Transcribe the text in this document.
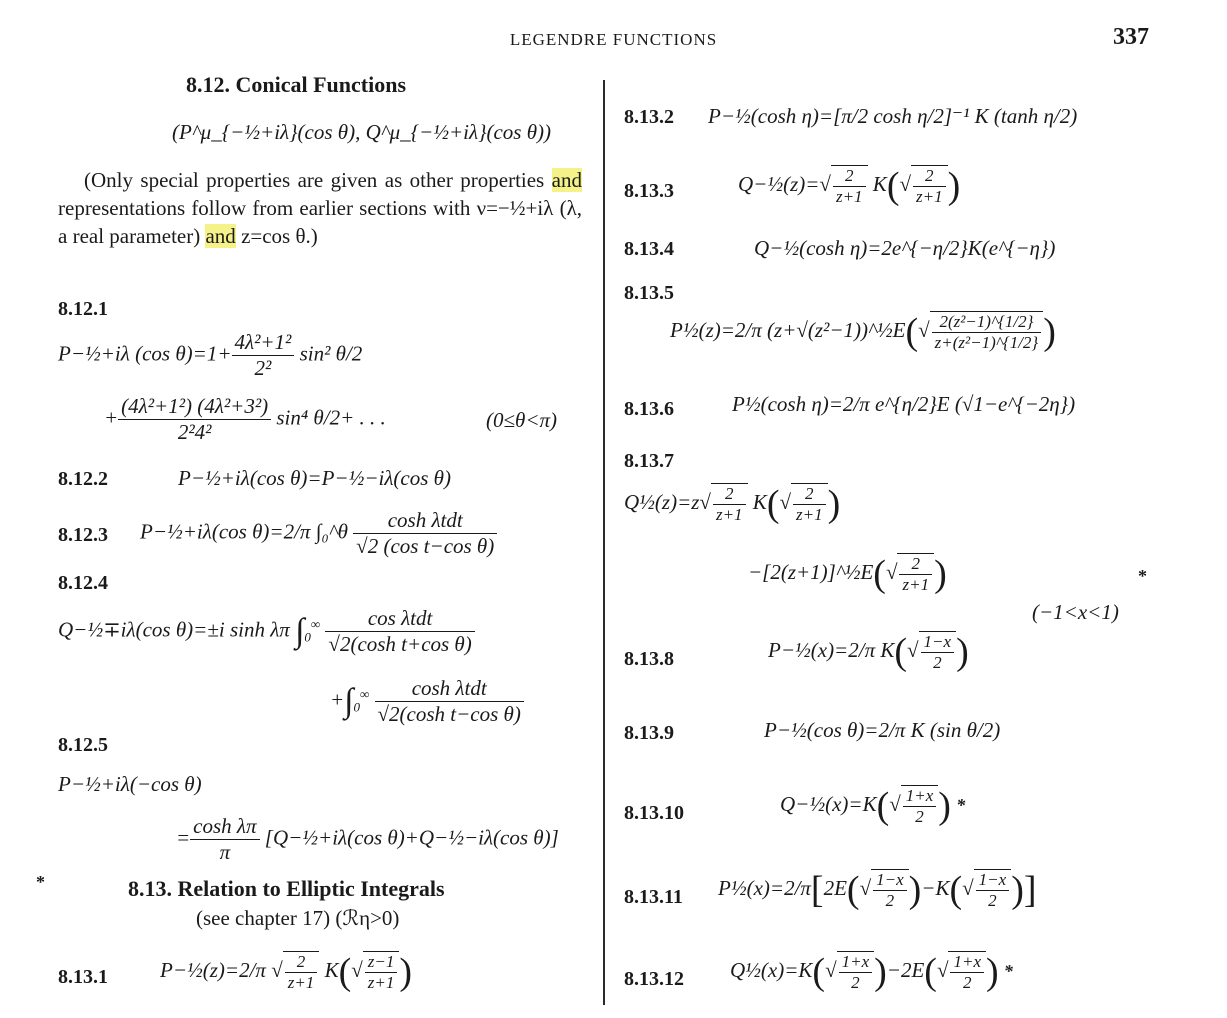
LEGENDRE FUNCTIONS	337
8.12. Conical Functions
(P^μ_{−½+iλ}(cos θ), Q^μ_{−½+iλ}(cos θ))
(Only special properties are given as other properties and representations follow from earlier sections with ν=−½+iλ (λ, a real parameter) and z=cos θ.)
8.12.1
P−½+iλ (cos $\theta)=1+ \frac{\text{4λ²+1²}}{\text{2²}} \sin^2$ θ/2
+ $\frac{\text{(4λ²+1²) (4λ²+3²)}}{\text{2²4²}} \sin^4$ θ/2+ . . .	(0≤θ<π)
8.12.2	P−½+iλ(cos θ)=P−½−iλ(cos θ)
8.12.3 P−½+iλ(cos θ)=2/π ∫₀^θ $\frac{\text{cosh λtdt}}{\text{√2 (cos t−cos θ)}}$
8.12.4
Q−½∓iλ(cos θ)=±i sinh λπ $\int_0^\infty \frac{\text{cos λtdt}}{\text{√2(cosh t+cos θ)}}$
$+\int_0^\infty \frac{\text{cosh λtdt}}{\text{√2(cosh t−cos θ)}}$
8.12.5
P−½+iλ(−cos θ)
= $\frac{\text{cosh λπ}}{\pi}$ [Q−½+iλ(cos θ)+Q−½−iλ(cos θ)]
*	8.13. Relation to Elliptic Integrals
(see chapter 17) (ℛη>0)
8.13.1 P−½(z)=2/π √ $\frac{2}{z+1} K(√ \frac{z-1}{z+1}$ )
8.13.2 P−½(cosh η)=[π/2 cosh η/2]⁻¹ K (tanh η/2)
8.13.3	Q−½(z)=√ $\frac{2}{z+1} K(√ \frac{2}{z+1}$ )
8.13.4	Q−½(cosh η)=2e^{−η/2}K(e^{−η})
8.13.5
P½(z)=2/π (z+√(z²−1))^½E(√ $\frac{\text{2(z²−1)\textasciicircum{}\{1/2\}}}{\text{z+(z²−1)\textasciicircum{}\{1/2\}}}$ )
8.13.6	P½(cosh η)=2/π e^{η/2}E (√1−e^{−2η})
8.13.7
Q½(z)=z√ $\frac{2}{z+1} K(√ \frac{2}{z+1}$ )
−[2(z+1)]^½E(√ $\frac{2}{z+1}$ )	*
(−1<x<1)
8.13.8	P−½(x)=2/π $K(√ \frac{1-x}{2}$ )
8.13.9	P−½(cos θ)=2/π K (sin θ/2)
8.13.10	Q−½(x)=K(√ $\frac{1+x}{2}$ ) *
8.13.11 P½(x)=2/π[2E(√ $\frac{1-x}{2} )-K(√ \frac{1-x}{2}$ )]
8.13.12 Q½(x)=K(√ $\frac{1+x}{2} )-2E(√ \frac{1+x}{2}$ ) *
